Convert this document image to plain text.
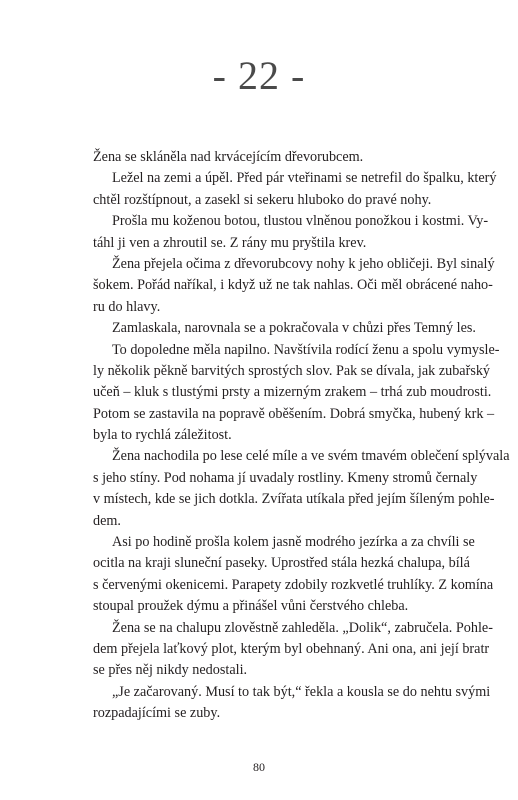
- 22 -
Žena se skláněla nad krvácejícím dřevorubcem.
Ležel na zemi a úpěl. Před pár vteřinami se netrefil do špalku, který
chtěl rozštípnout, a zasekl si sekeru hluboko do pravé nohy.
Prošla mu koženou botou, tlustou vlněnou ponožkou i kostmi. Vy-
táhl ji ven a zhroutil se. Z rány mu pryštila krev.
Žena přejela očima z dřevorubcovy nohy k jeho obličeji. Byl sinalý
šokem. Pořád naříkal, i když už ne tak nahlas. Oči měl obrácené naho-
ru do hlavy.
Zamlaskala, narovnala se a pokračovala v chůzi přes Temný les.
To dopoledne měla napilno. Navštívila rodící ženu a spolu vymysle-
ly několik pěkně barvitých sprostých slov. Pak se dívala, jak zubařský
učeň – kluk s tlustými prsty a mizerným zrakem – trhá zub moudrosti.
Potom se zastavila na popravě oběšením. Dobrá smyčka, hubený krk –
byla to rychlá záležitost.
Žena nachodila po lese celé míle a ve svém tmavém oblečení splývala
s jeho stíny. Pod nohama jí uvadaly rostliny. Kmeny stromů černaly
v místech, kde se jich dotkla. Zvířata utíkala před jejím šíleným pohle-
dem.
Asi po hodině prošla kolem jasně modrého jezírka a za chvíli se
ocitla na kraji sluneční paseky. Uprostřed stála hezká chalupa, bílá
s červenými okenicemi. Parapety zdobily rozkvetlé truhlíky. Z komína
stoupal proužek dýmu a přinášel vůni čerstvého chleba.
Žena se na chalupu zlověstně zahleděla. „Dolik“, zabručela. Pohle-
dem přejela laťkový plot, kterým byl obehnaný. Ani ona, ani její bratr
se přes něj nikdy nedostali.
„Je začarovaný. Musí to tak být,“ řekla a kousla se do nehtu svými
rozpadajícími se zuby.

80
